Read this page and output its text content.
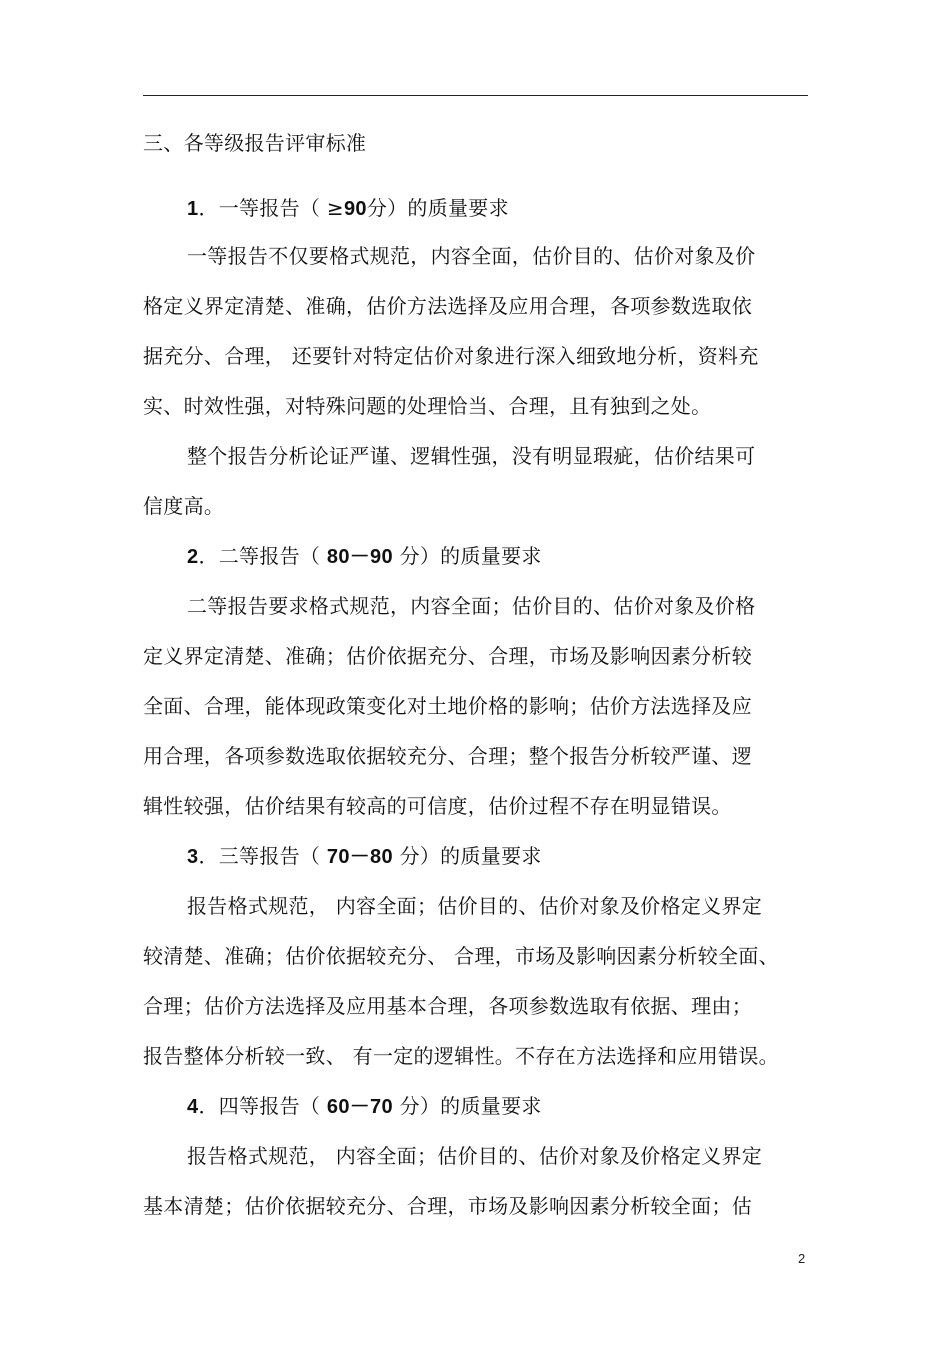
三、各等级报告评审标准
1．一等报告（ ≥90分）的质量要求
一等报告不仅要格式规范，内容全面，估价目的、估价对象及价
格定义界定清楚、准确，估价方法选择及应用合理，各项参数选取依
据充分、合理， 还要针对特定估价对象进行深入细致地分析，资料充
实、时效性强，对特殊问题的处理恰当、合理，且有独到之处。
整个报告分析论证严谨、逻辑性强，没有明显瑕疵，估价结果可
信度高。
2．二等报告（ 80－90 分）的质量要求
二等报告要求格式规范，内容全面；估价目的、估价对象及价格
定义界定清楚、准确；估价依据充分、合理，市场及影响因素分析较
全面、合理，能体现政策变化对土地价格的影响；估价方法选择及应
用合理，各项参数选取依据较充分、合理；整个报告分析较严谨、逻
辑性较强，估价结果有较高的可信度，估价过程不存在明显错误。
3．三等报告（ 70－80 分）的质量要求
报告格式规范， 内容全面；估价目的、估价对象及价格定义界定
较清楚、准确；估价依据较充分、 合理，市场及影响因素分析较全面、
合理；估价方法选择及应用基本合理，各项参数选取有依据、理由；
报告整体分析较一致、 有一定的逻辑性。不存在方法选择和应用错误。
4．四等报告（ 60－70 分）的质量要求
报告格式规范， 内容全面；估价目的、估价对象及价格定义界定
基本清楚；估价依据较充分、合理，市场及影响因素分析较全面；估
2
